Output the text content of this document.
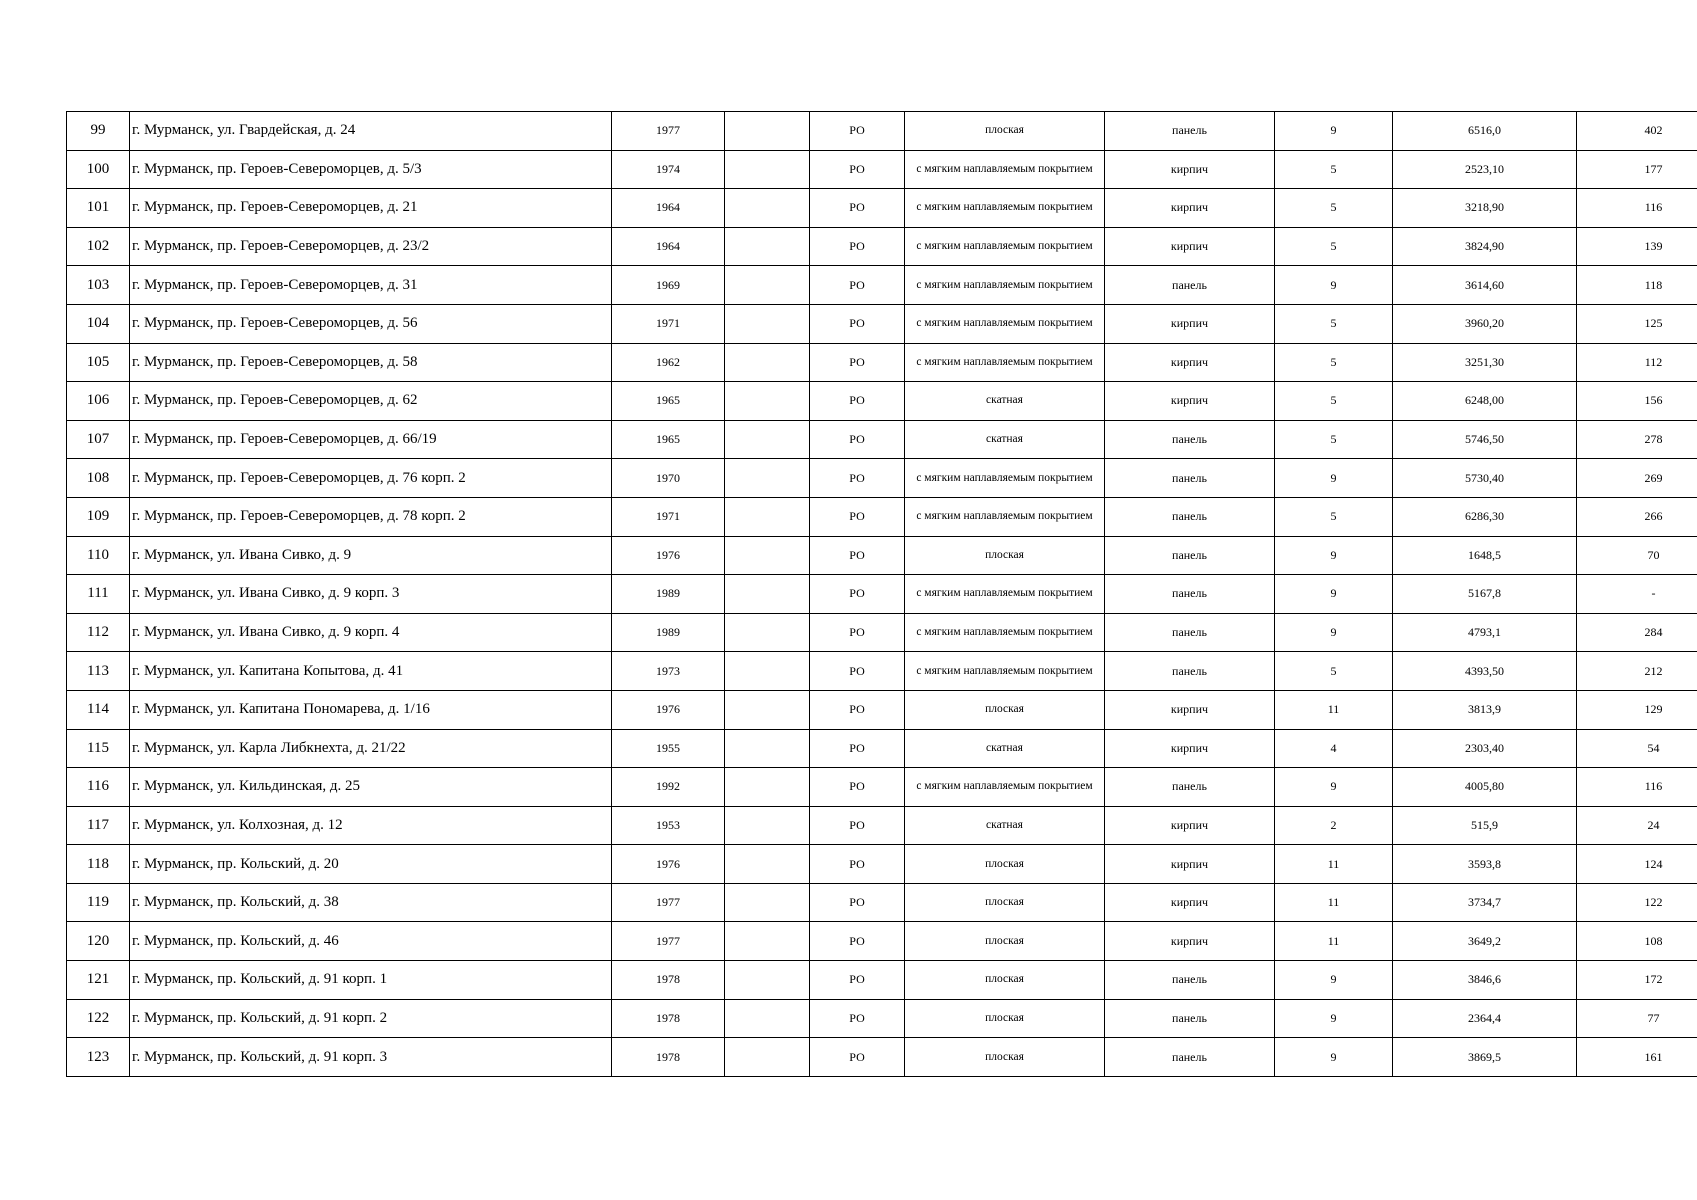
99	г. Мурманск, ул. Гвардейская, д. 24	1977		РО	плоская	панель	9	6516,0	402
100	г. Мурманск, пр. Героев-Североморцев, д. 5/3	1974		РО	с мягким наплавляемым покрытием	кирпич	5	2523,10	177
101	г. Мурманск, пр. Героев-Североморцев, д. 21	1964		РО	с мягким наплавляемым покрытием	кирпич	5	3218,90	116
102	г. Мурманск, пр. Героев-Североморцев, д. 23/2	1964		РО	с мягким наплавляемым покрытием	кирпич	5	3824,90	139
103	г. Мурманск, пр. Героев-Североморцев, д. 31	1969		РО	с мягким наплавляемым покрытием	панель	9	3614,60	118
104	г. Мурманск, пр. Героев-Североморцев, д. 56	1971		РО	с мягким наплавляемым покрытием	кирпич	5	3960,20	125
105	г. Мурманск, пр. Героев-Североморцев, д. 58	1962		РО	с мягким наплавляемым покрытием	кирпич	5	3251,30	112
106	г. Мурманск, пр. Героев-Североморцев, д. 62	1965		РО	скатная	кирпич	5	6248,00	156
107	г. Мурманск, пр. Героев-Североморцев, д. 66/19	1965		РО	скатная	панель	5	5746,50	278
108	г. Мурманск, пр. Героев-Североморцев, д. 76 корп. 2	1970		РО	с мягким наплавляемым покрытием	панель	9	5730,40	269
109	г. Мурманск, пр. Героев-Североморцев, д. 78 корп. 2	1971		РО	с мягким наплавляемым покрытием	панель	5	6286,30	266
110	г. Мурманск, ул. Ивана Сивко, д. 9	1976		РО	плоская	панель	9	1648,5	70
111	г. Мурманск, ул. Ивана Сивко, д. 9 корп. 3	1989		РО	с мягким наплавляемым покрытием	панель	9	5167,8	-
112	г. Мурманск, ул. Ивана Сивко, д. 9 корп. 4	1989		РО	с мягким наплавляемым покрытием	панель	9	4793,1	284
113	г. Мурманск, ул. Капитана Копытова, д. 41	1973		РО	с мягким наплавляемым покрытием	панель	5	4393,50	212
114	г. Мурманск, ул. Капитана Пономарева, д. 1/16	1976		РО	плоская	кирпич	11	3813,9	129
115	г. Мурманск, ул. Карла Либкнехта, д. 21/22	1955		РО	скатная	кирпич	4	2303,40	54
116	г. Мурманск, ул. Кильдинская, д. 25	1992		РО	с мягким наплавляемым покрытием	панель	9	4005,80	116
117	г. Мурманск, ул. Колхозная, д. 12	1953		РО	скатная	кирпич	2	515,9	24
118	г. Мурманск, пр. Кольский, д. 20	1976		РО	плоская	кирпич	11	3593,8	124
119	г. Мурманск, пр. Кольский, д. 38	1977		РО	плоская	кирпич	11	3734,7	122
120	г. Мурманск, пр. Кольский, д. 46	1977		РО	плоская	кирпич	11	3649,2	108
121	г. Мурманск, пр. Кольский, д. 91 корп. 1	1978		РО	плоская	панель	9	3846,6	172
122	г. Мурманск, пр. Кольский, д. 91 корп. 2	1978		РО	плоская	панель	9	2364,4	77
123	г. Мурманск, пр. Кольский, д. 91 корп. 3	1978		РО	плоская	панель	9	3869,5	161
